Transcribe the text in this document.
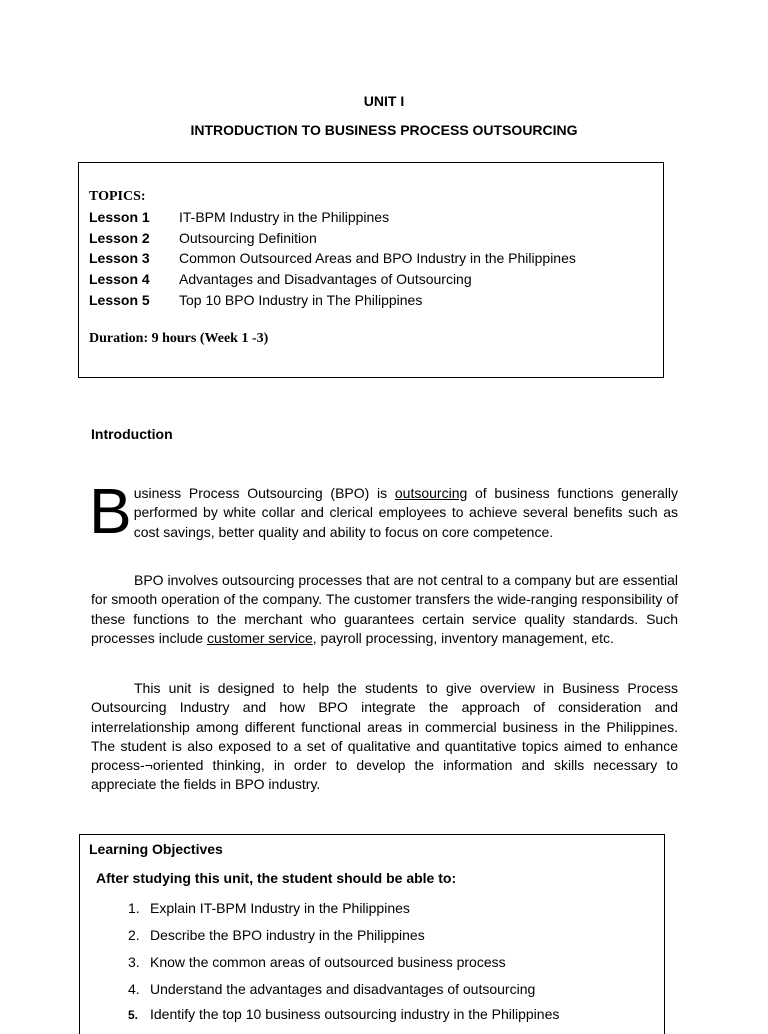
UNIT I
INTRODUCTION TO BUSINESS PROCESS OUTSOURCING
TOPICS:
Lesson 1 IT-BPM Industry in the Philippines
Lesson 2 Outsourcing Definition
Lesson 3 Common Outsourced Areas and BPO Industry in the Philippines
Lesson 4 Advantages and Disadvantages of Outsourcing
Lesson 5 Top 10 BPO Industry in The Philippines
Duration: 9 hours (Week 1 -3)
Introduction

Business Process Outsourcing (BPO) is outsourcing of business functions generally performed by white collar and clerical employees to achieve several benefits such as cost savings, better quality and ability to focus on core competence.

BPO involves outsourcing processes that are not central to a company but are essential for smooth operation of the company. The customer transfers the wide-ranging responsibility of these functions to the merchant who guarantees certain service quality standards. Such processes include customer service, payroll processing, inventory management, etc.

This unit is designed to help the students to give overview in Business Process Outsourcing Industry and how BPO integrate the approach of consideration and interrelationship among different functional areas in commercial business in the Philippines. The student is also exposed to a set of qualitative and quantitative topics aimed to enhance process-¬oriented thinking, in order to develop the information and skills necessary to appreciate the fields in BPO industry.

Learning Objectives
After studying this unit, the student should be able to:
1. Explain IT-BPM Industry in the Philippines
2. Describe the BPO industry in the Philippines
3. Know the common areas of outsourced business process
4. Understand the advantages and disadvantages of outsourcing
5. Identify the top 10 business outsourcing industry in the Philippines
